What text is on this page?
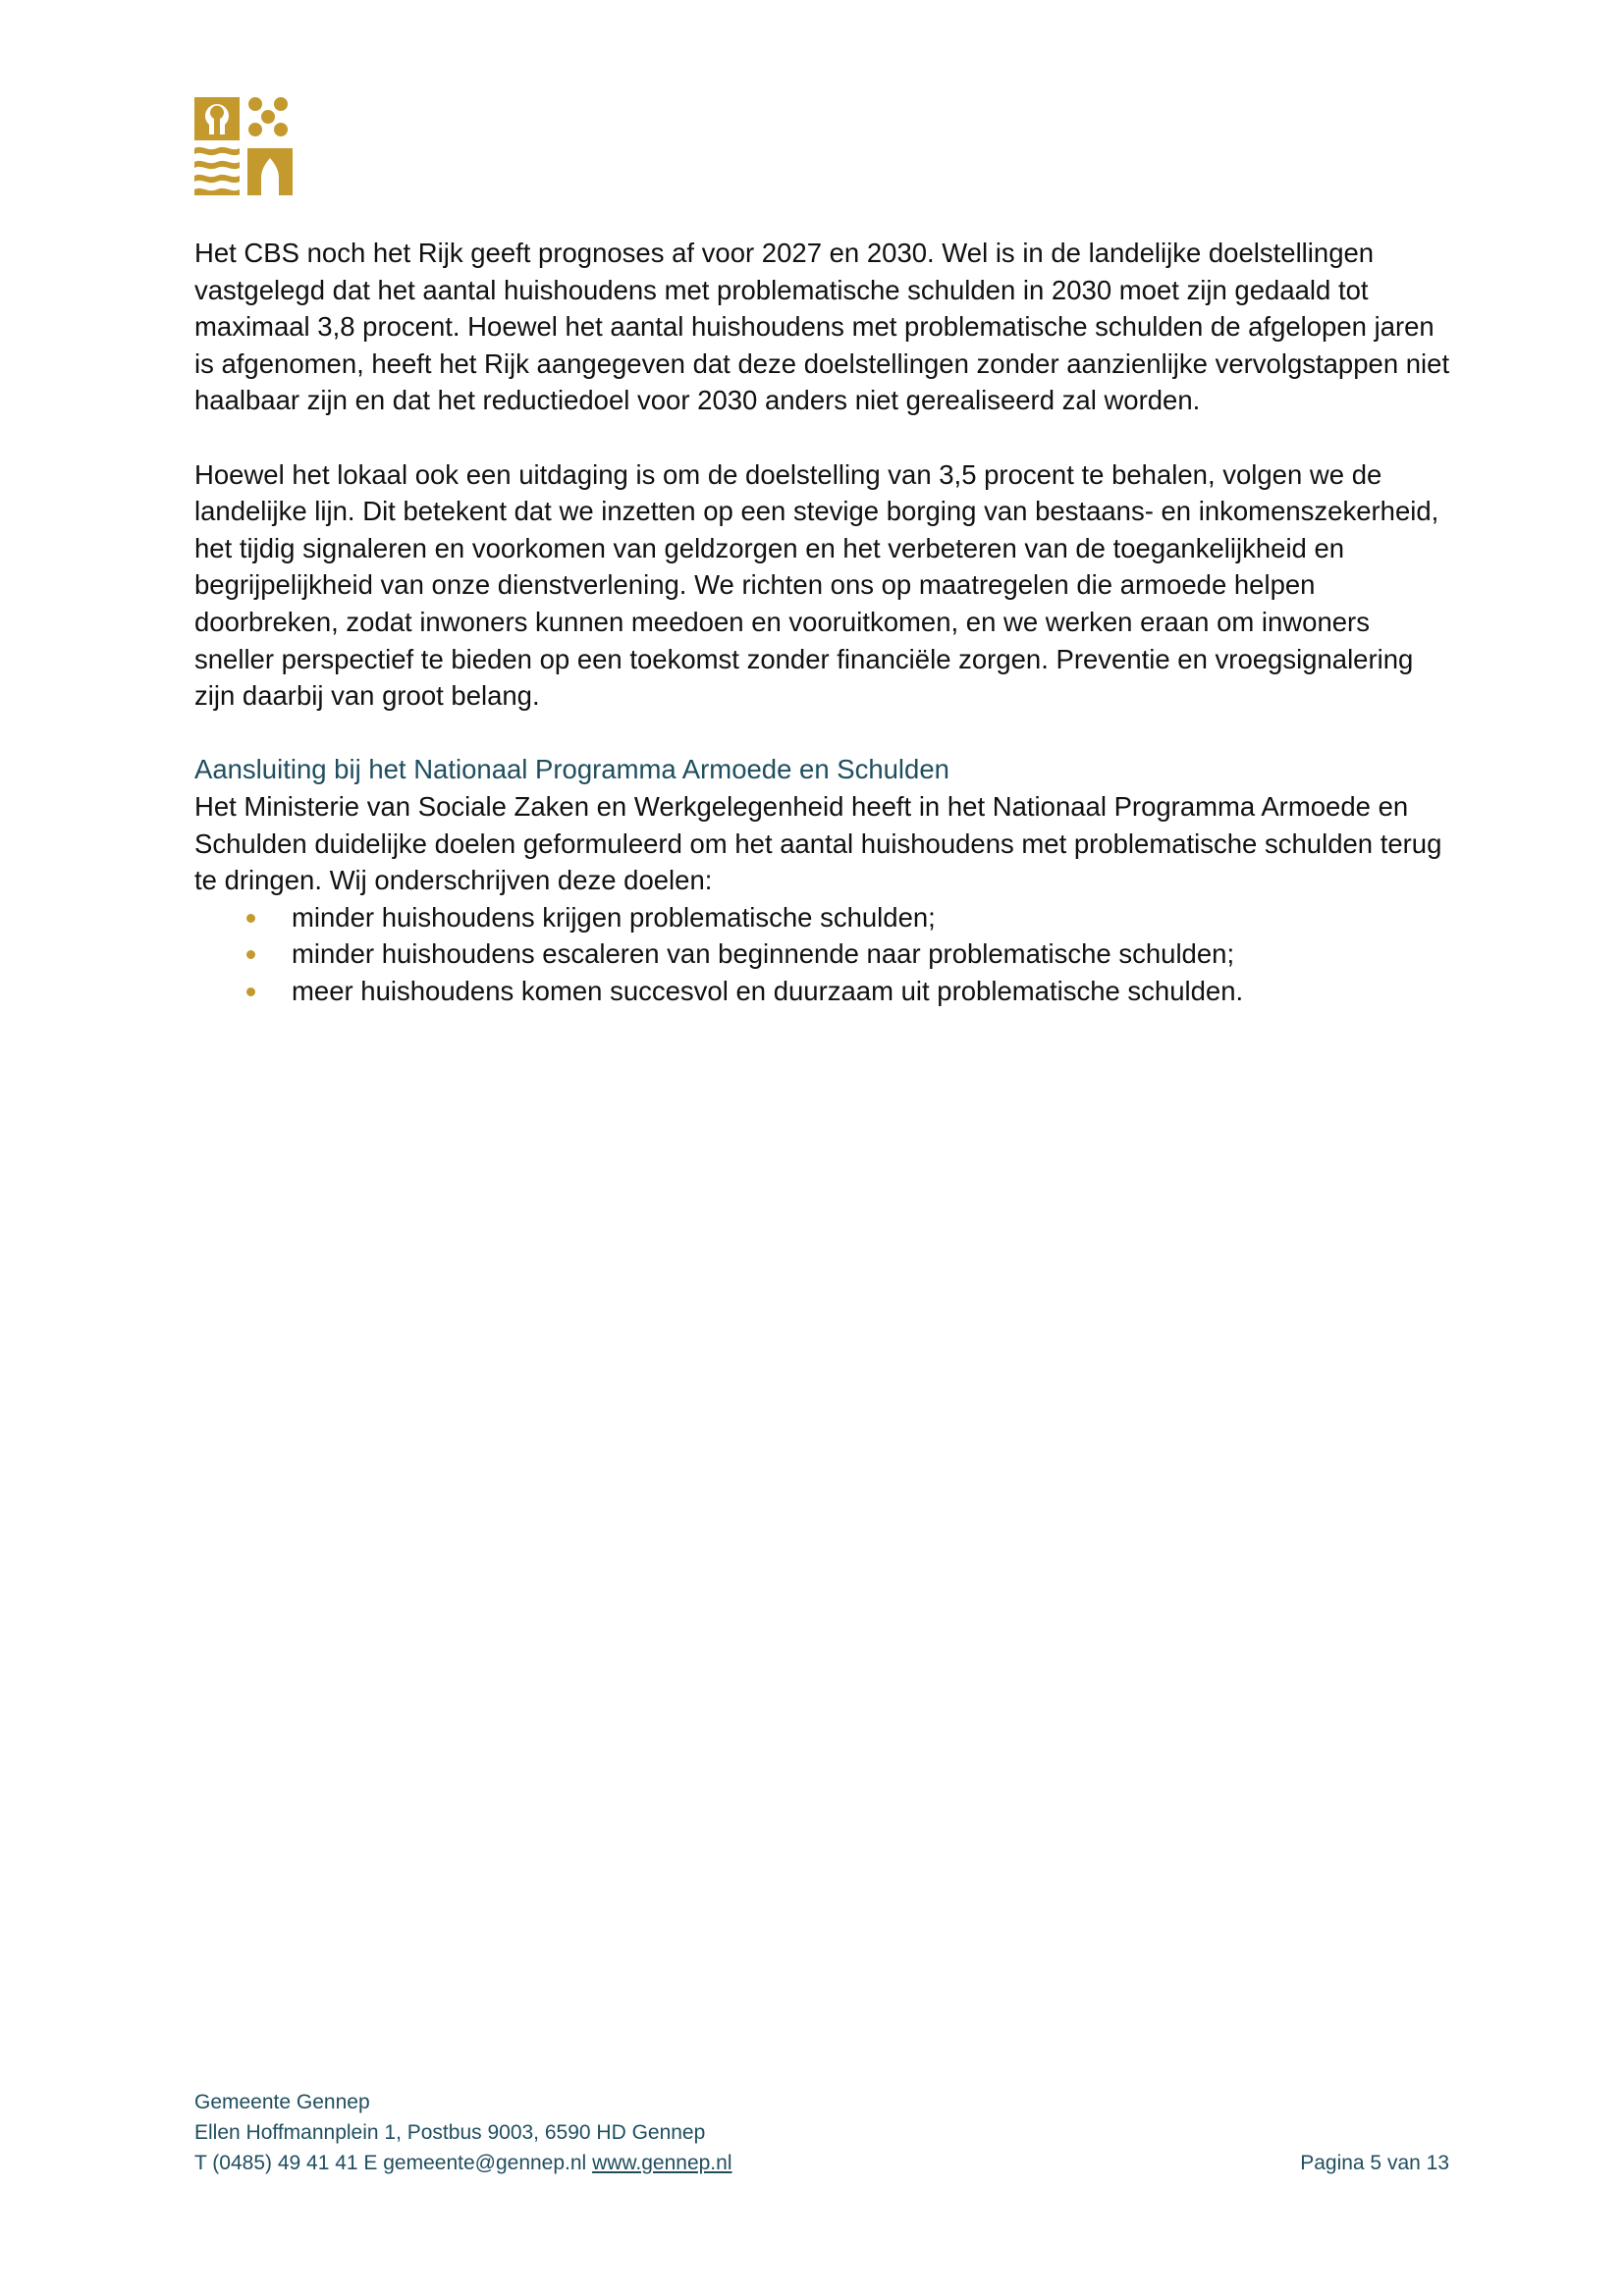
Het CBS noch het Rijk geeft prognoses af voor 2027 en 2030. Wel is in de landelijke doelstellingen vastgelegd dat het aantal huishoudens met problematische schulden in 2030 moet zijn gedaald tot maximaal 3,8 procent. Hoewel het aantal huishoudens met problematische schulden de afgelopen jaren is afgenomen, heeft het Rijk aangegeven dat deze doelstellingen zonder aanzienlijke vervolgstappen niet haalbaar zijn en dat het reductiedoel voor 2030 anders niet gerealiseerd zal worden.

Hoewel het lokaal ook een uitdaging is om de doelstelling van 3,5 procent te behalen, volgen we de landelijke lijn. Dit betekent dat we inzetten op een stevige borging van bestaans- en inkomenszekerheid, het tijdig signaleren en voorkomen van geldzorgen en het verbeteren van de toegankelijkheid en begrijpelijkheid van onze dienstverlening. We richten ons op maatregelen die armoede helpen doorbreken, zodat inwoners kunnen meedoen en vooruitkomen, en we werken eraan om inwoners sneller perspectief te bieden op een toekomst zonder financiële zorgen. Preventie en vroegsignalering zijn daarbij van groot belang.

Aansluiting bij het Nationaal Programma Armoede en Schulden

Het Ministerie van Sociale Zaken en Werkgelegenheid heeft in het Nationaal Programma Armoede en Schulden duidelijke doelen geformuleerd om het aantal huishoudens met problematische schulden terug te dringen. Wij onderschrijven deze doelen:

minder huishoudens krijgen problematische schulden;
minder huishoudens escaleren van beginnende naar problematische schulden;
meer huishoudens komen succesvol en duurzaam uit problematische schulden.
Gemeente Gennep
Ellen Hoffmannplein 1, Postbus 9003, 6590 HD Gennep
T (0485) 49 41 41 E gemeente@gennep.nl www.gennep.nl	Pagina 5 van 13
